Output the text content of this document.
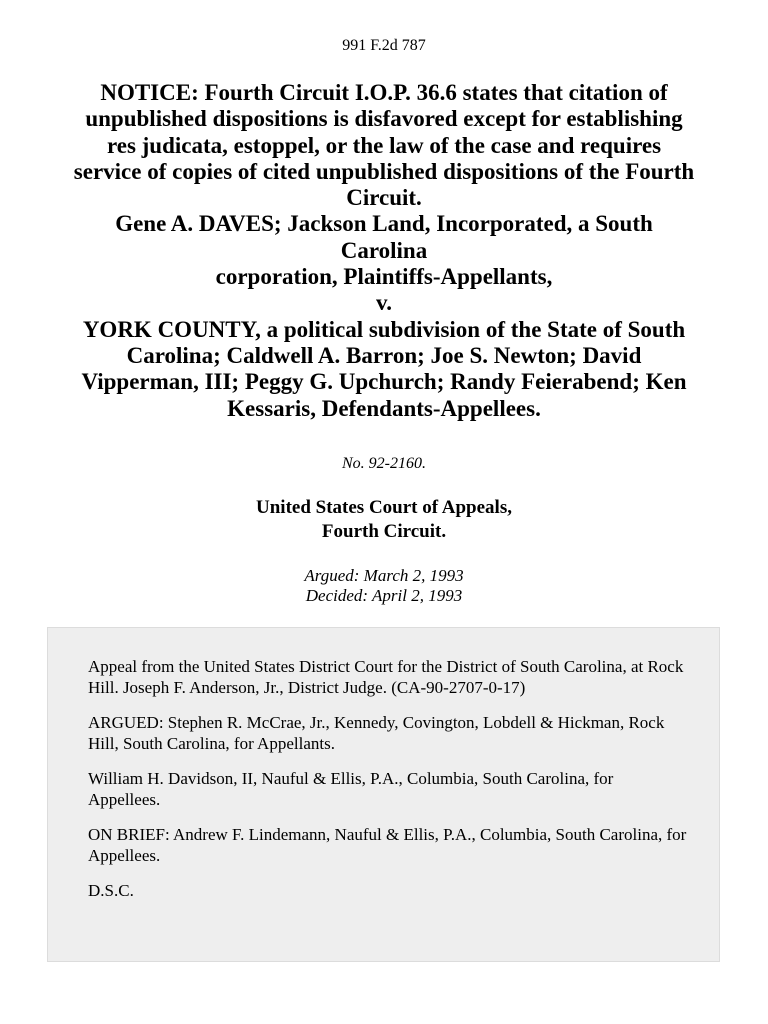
991 F.2d 787
NOTICE: Fourth Circuit I.O.P. 36.6 states that citation of
unpublished dispositions is disfavored except for establishing
res judicata, estoppel, or the law of the case and requires
service of copies of cited unpublished dispositions of the Fourth
Circuit.
Gene A. DAVES; Jackson Land, Incorporated, a South
Carolina
corporation, Plaintiffs-Appellants,
v.
YORK COUNTY, a political subdivision of the State of South
Carolina; Caldwell A. Barron; Joe S. Newton; David
Vipperman, III; Peggy G. Upchurch; Randy Feierabend; Ken
Kessaris, Defendants-Appellees.
No. 92-2160.
United States Court of Appeals,
Fourth Circuit.
Argued: March 2, 1993
Decided: April 2, 1993

Appeal from the United States District Court for the District of South Carolina, at Rock Hill. Joseph F. Anderson, Jr., District Judge. (CA-90-2707-0-17)

ARGUED: Stephen R. McCrae, Jr., Kennedy, Covington, Lobdell & Hickman, Rock Hill, South Carolina, for Appellants.

William H. Davidson, II, Nauful & Ellis, P.A., Columbia, South Carolina, for Appellees.

ON BRIEF: Andrew F. Lindemann, Nauful & Ellis, P.A., Columbia, South Carolina, for Appellees.

D.S.C.
